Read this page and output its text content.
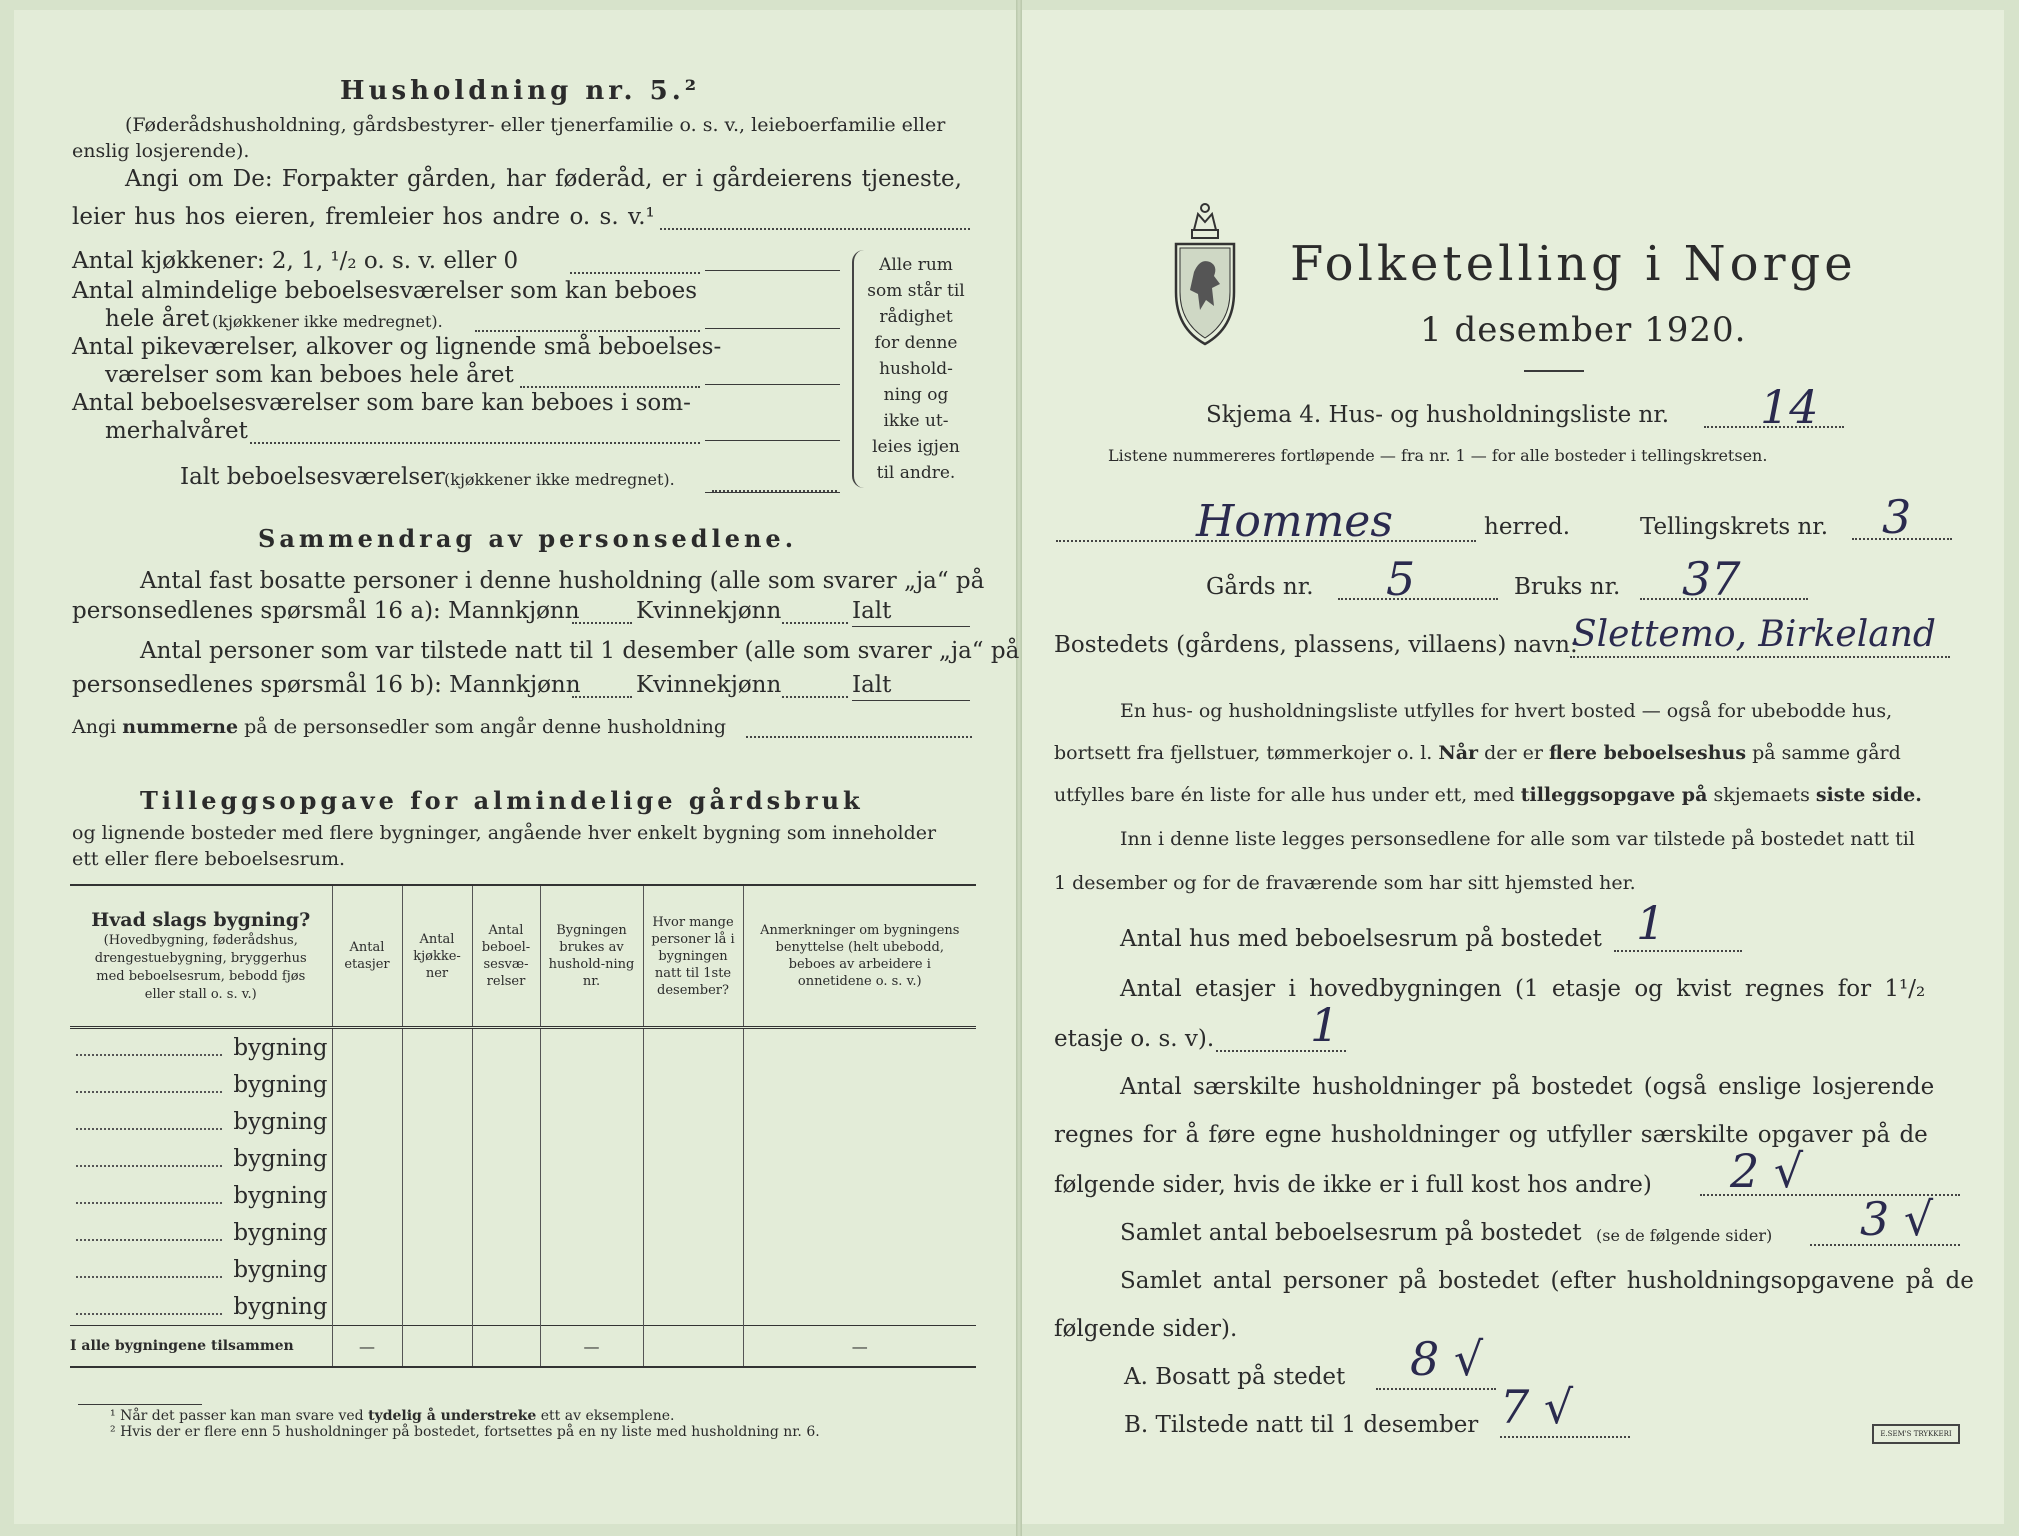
Husholdning nr. 5.²
(Føderådshusholdning, gårdsbestyrer- eller tjenerfamilie o. s. v., leieboerfamilie eller
enslig losjerende).
Angi om De: Forpakter gården, har føderåd, er i gårdeierens tjeneste,
leier hus hos eieren, fremleier hos andre o. s. v.¹
Antal kjøkkener: 2, 1, ¹/₂ o. s. v. eller 0
Antal almindelige beboelsesværelser som kan beboes
hele året (kjøkkener ikke medregnet).
Antal pikeværelser, alkover og lignende små beboelses-
værelser som kan beboes hele året
Antal beboelsesværelser som bare kan beboes i som-
merhalvåret
Ialt beboelsesværelser (kjøkkener ikke medregnet).
Alle rum
som står til
rådighet
for denne
hushold-
ning og
ikke ut-
leies igjen
til andre.
Sammendrag av personsedlene.
Antal fast bosatte personer i denne husholdning (alle som svarer „ja“ på
personsedlenes spørsmål 16 a): Mannkjønn Kvinnekjønn	Ialt
Antal personer som var tilstede natt til 1 desember (alle som svarer „ja“ på
personsedlenes spørsmål 16 b): Mannkjønn Kvinnekjønn	Ialt
Angi nummerne på de personsedler som angår denne husholdning
Tilleggsopgave for almindelige gårdsbruk
og lignende bosteder med flere bygninger, angående hver enkelt bygning som inneholder
ett eller flere beboelsesrum.
Hvad slags bygning?
(Hovedbygning, føderådshus, drengestuebygning, bryggerhus med beboelsesrum, bebodd fjøs eller stall o. s. v.)	Antal etasjer	Antal kjøkke-ner	Antal beboel-sesvæ-relser	Bygningen brukes av hushold-ning nr.	Hvor mange personer lå i bygningen natt til 1ste desember?	Anmerkninger om bygningens benyttelse (helt ubebodd, beboes av arbeidere i onnetidene o. s. v.)

bygning						

bygning						

bygning						

bygning						

bygning						

bygning						

bygning						

bygning						
I alle bygningene tilsammen	—			—		—
¹ Når det passer kan man svare ved tydelig å understreke ett av eksemplene.
² Hvis der er flere enn 5 husholdninger på bostedet, fortsettes på en ny liste med husholdning nr. 6.
Folketelling i Norge
1 desember 1920.
Skjema 4. Hus- og husholdningsliste nr. 14
Listene nummereres fortløpende — fra nr. 1 — for alle bosteder i tellingskretsen.
Hommes	herred.	Tellingskrets nr. 3
Gårds nr. 5	Bruks nr. 37
Bostedets (gårdens, plassens, villaens) navn:
Slettemo, Birkeland
En hus- og husholdningsliste utfylles for hvert bosted — også for ubebodde hus,
bortsett fra fjellstuer, tømmerkojer o. l. Når der er flere beboelseshus på samme gård
utfylles bare én liste for alle hus under ett, med tilleggsopgave på skjemaets siste side.
Inn i denne liste legges personsedlene for alle som var tilstede på bostedet natt til
1 desember og for de fraværende som har sitt hjemsted her.
Antal hus med beboelsesrum på bostedet 1
Antal etasjer i hovedbygningen (1 etasje og kvist regnes for 1¹/₂
etasje o. s. v). 1
Antal særskilte husholdninger på bostedet (også enslige losjerende
regnes for å føre egne husholdninger og utfyller særskilte opgaver på de
følgende sider, hvis de ikke er i full kost hos andre) 2 √
Samlet antal beboelsesrum på bostedet (se de følgende sider) 3 √
Samlet antal personer på bostedet (efter husholdningsopgavene på de
følgende sider).
A. Bosatt på stedet 8 √
B. Tilstede natt til 1 desember 7 √	E.SEM'S TRYKKERI
